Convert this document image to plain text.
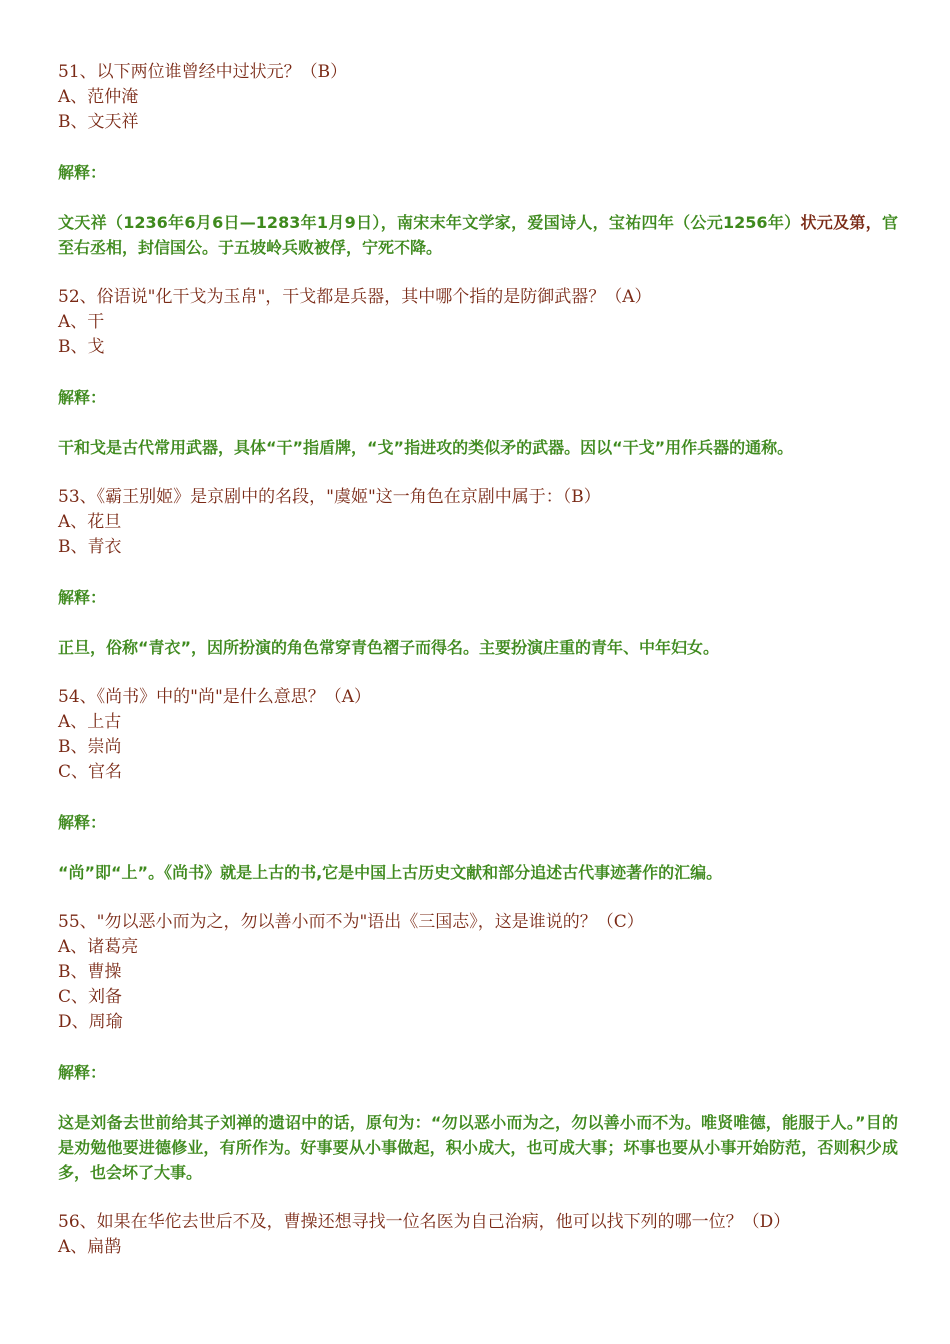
51、以下两位谁曾经中过状元？（B）
A、范仲淹
B、文天祥
解释：
文天祥（1236年6月6日—1283年1月9日），南宋末年文学家，爱国诗人，宝祐四年（公元1256年）状元及第，官至右丞相，封信国公。于五坡岭兵败被俘，宁死不降。
52、俗语说"化干戈为玉帛"，干戈都是兵器，其中哪个指的是防御武器？（A）
A、干
B、戈
解释：
干和戈是古代常用武器，具体“干”指盾牌，“戈”指进攻的类似矛的武器。因以“干戈”用作兵器的通称。
53、《霸王别姬》是京剧中的名段，"虞姬"这一角色在京剧中属于：（B）
A、花旦
B、青衣
解释：
正旦，俗称“青衣”，因所扮演的角色常穿青色褶子而得名。主要扮演庄重的青年、中年妇女。
54、《尚书》中的"尚"是什么意思？（A）
A、上古
B、崇尚
C、官名
解释：
“尚”即“上”。《尚书》就是上古的书,它是中国上古历史文献和部分追述古代事迹著作的汇编。
55、"勿以恶小而为之，勿以善小而不为"语出《三国志》，这是谁说的？（C）
A、诸葛亮
B、曹操
C、刘备
D、周瑜
解释：
这是刘备去世前给其子刘禅的遗诏中的话，原句为：“勿以恶小而为之，勿以善小而不为。唯贤唯德，能服于人。”目的是劝勉他要进德修业，有所作为。好事要从小事做起，积小成大，也可成大事；坏事也要从小事开始防范，否则积少成多，也会坏了大事。
56、如果在华佗去世后不及，曹操还想寻找一位名医为自己治病，他可以找下列的哪一位？（D）
A、扁鹊
